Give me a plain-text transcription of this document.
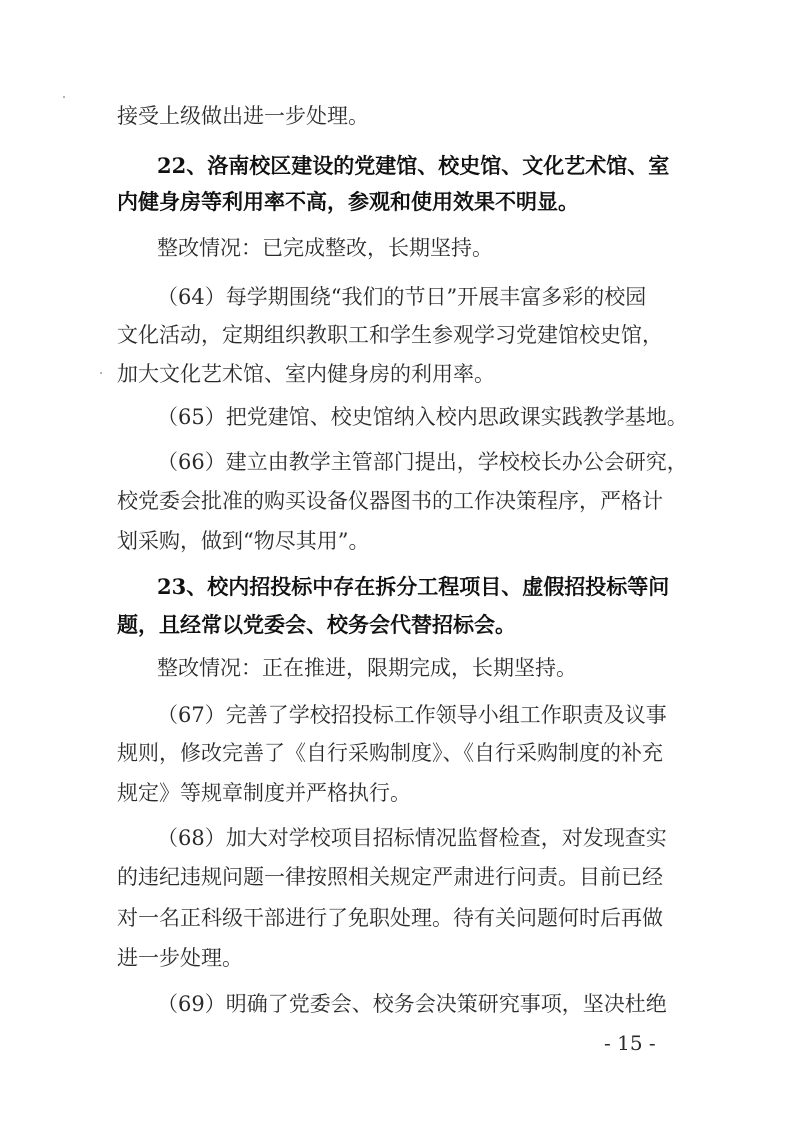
接受上级做出进一步处理。
22、洛南校区建设的党建馆、校史馆、文化艺术馆、室
内健身房等利用率不高，参观和使用效果不明显。
整改情况：已完成整改，长期坚持。
（64）每学期围绕“我们的节日”开展丰富多彩的校园
文化活动，定期组织教职工和学生参观学习党建馆校史馆，
加大文化艺术馆、室内健身房的利用率。
（65）把党建馆、校史馆纳入校内思政课实践教学基地。
（66）建立由教学主管部门提出，学校校长办公会研究，
校党委会批准的购买设备仪器图书的工作决策程序，严格计
划采购，做到“物尽其用”。
23、校内招投标中存在拆分工程项目、虚假招投标等问
题，且经常以党委会、校务会代替招标会。
整改情况：正在推进，限期完成，长期坚持。
（67）完善了学校招投标工作领导小组工作职责及议事
规则，修改完善了《自行采购制度》、《自行采购制度的补充
规定》等规章制度并严格执行。
（68）加大对学校项目招标情况监督检查，对发现查实
的违纪违规问题一律按照相关规定严肃进行问责。目前已经
对一名正科级干部进行了免职处理。待有关问题何时后再做
进一步处理。
（69）明确了党委会、校务会决策研究事项，坚决杜绝
- 15 -
